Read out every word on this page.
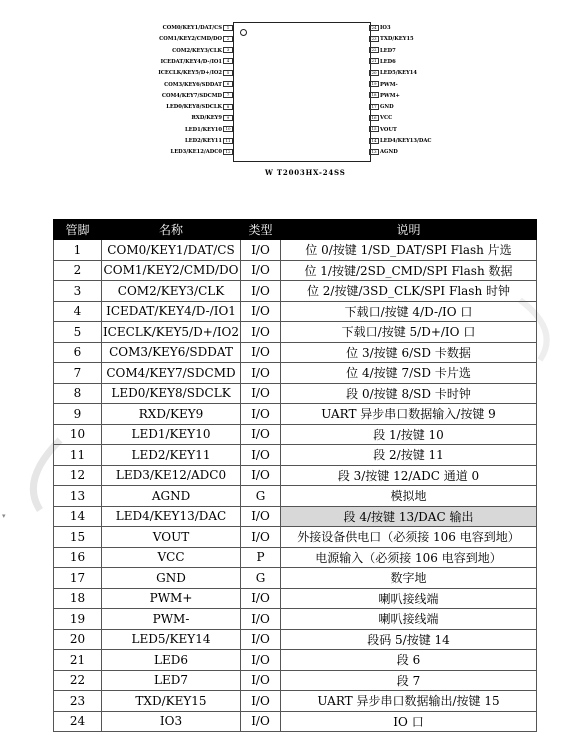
COM0/KEY1/DAT/CS 1
COM1/KEY2/CMD/DO 2
COM2/KEY3/CLK 3
ICEDAT/KEY4/D-/IO1 4
ICECLK/KEY5/D+/IO2 5
COM3/KEY6/SDDAT 6
COM4/KEY7/SDCMD 7
LED0/KEY8/SDCLK 8
RXD/KEY9 9
LED1/KEY10 10
LED2/KEY11 11
LED3/KE12/ADC0 12
24 IO3
23 TXD/KEY15
22 LED7
21 LED6
20 LED5/KEY14
19 PWM-
18 PWM+
17 GND
16 VCC
15 VOUT
14 LED4/KEY13/DAC
13 AGND
W T2003HX-24SS
▾
管脚	名称	类型	说明
1	COM0/KEY1/DAT/CS	I/O	位 0/按键 1/SD_DAT/SPI Flash 片选
2	COM1/KEY2/CMD/DO	I/O	位 1/按键/2SD_CMD/SPI Flash 数据
3	COM2/KEY3/CLK	I/O	位 2/按键/3SD_CLK/SPI Flash 时钟
4	ICEDAT/KEY4/D-/IO1	I/O	下载口/按键 4/D-/IO 口
5	ICECLK/KEY5/D+/IO2	I/O	下载口/按键 5/D+/IO 口
6	COM3/KEY6/SDDAT	I/O	位 3/按键 6/SD 卡数据
7	COM4/KEY7/SDCMD	I/O	位 4/按键 7/SD 卡片选
8	LED0/KEY8/SDCLK	I/O	段 0/按键 8/SD 卡时钟
9	RXD/KEY9	I/O	UART 异步串口数据输入/按键 9
10	LED1/KEY10	I/O	段 1/按键 10
11	LED2/KEY11	I/O	段 2/按键 11
12	LED3/KE12/ADC0	I/O	段 3/按键 12/ADC 通道 0
13	AGND	G	模拟地
14	LED4/KEY13/DAC	I/O	段 4/按键 13/DAC 输出
15	VOUT	I/O	外接设备供电口（必须接 106 电容到地）
16	VCC	P	电源输入（必须接 106 电容到地）
17	GND	G	数字地
18	PWM+	I/O	喇叭接线端
19	PWM-	I/O	喇叭接线端
20	LED5/KEY14	I/O	段码 5/按键 14
21	LED6	I/O	段 6
22	LED7	I/O	段 7
23	TXD/KEY15	I/O	UART 异步串口数据输出/按键 15
24	IO3	I/O	IO 口
